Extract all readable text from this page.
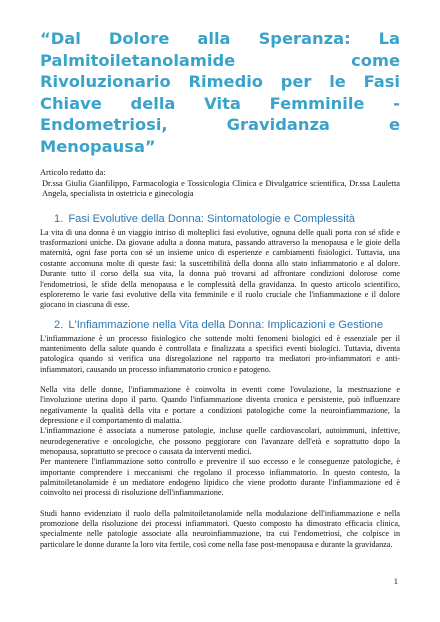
“Dal Dolore alla Speranza: La Palmitoiletanolamide come Rivoluzionario Rimedio per le Fasi Chiave della Vita Femminile - Endometriosi, Gravidanza e Menopausa”
Articolo redatto da:
Dr.ssa Giulia Gianfilippo, Farmacologia e Tossicologia Clinica e Divulgatrice scientifica, Dr.ssa Lauletta Angela, specialista in ostetricia e ginecologia
1. Fasi Evolutive della Donna: Sintomatologie e Complessità

La vita di una donna è un viaggio intriso di molteplici fasi evolutive, ognuna delle quali porta con sé sfide e trasformazioni uniche. Da giovane adulta a donna matura, passando attraverso la menopausa e le gioie della maternità, ogni fase porta con sé un insieme unico di esperienze e cambiamenti fisiologici. Tuttavia, una costante accomuna molte di queste fasi: la suscettibilità della donna allo stato infiammatorio e al dolore. Durante tutto il corso della sua vita, la donna può trovarsi ad affrontare condizioni dolorose come l'endometriosi, le sfide della menopausa e le complessità della gravidanza. In questo articolo scientifico, esploreremo le varie fasi evolutive della vita femminile e il ruolo cruciale che l'infiammazione e il dolore giocano in ciascuna di esse.

2. L'Infiammazione nella Vita della Donna: Implicazioni e Gestione

L'infiammazione è un processo fisiologico che sottende molti fenomeni biologici ed è essenziale per il mantenimento della salute quando è controllata e finalizzata a specifici eventi biologici. Tuttavia, diventa patologica quando si verifica una disregolazione nel rapporto tra mediatori pro-infiammatori e anti-infiammatori, causando un processo infiammatorio cronico e patogeno.

Nella vita delle donne, l'infiammazione è coinvolta in eventi come l'ovulazione, la mestruazione e l'involuzione uterina dopo il parto. Quando l'infiammazione diventa cronica e persistente, può influenzare negativamente la qualità della vita e portare a condizioni patologiche come la neuroinfiammazione, la depressione e il comportamento di malattia.

L'infiammazione è associata a numerose patologie, incluse quelle cardiovascolari, autoimmuni, infettive, neurodegenerative e oncologiche, che possono peggiorare con l'avanzare dell'età e soprattutto dopo la menopausa, soprattutto se precoce o causata da interventi medici.

Per mantenere l'infiammazione sotto controllo e prevenire il suo eccesso e le conseguenze patologiche, è importante comprendere i meccanismi che regolano il processo infiammatorio. In questo contesto, la palmitoiletanolamide è un mediatore endogeno lipidico che viene prodotto durante l'infiammazione ed è coinvolto nei processi di risoluzione dell'infiammazione.

Studi hanno evidenziato il ruolo della palmitoiletanolamide nella modulazione dell'infiammazione e nella promozione della risoluzione dei processi infiammatori. Questo composto ha dimostrato efficacia clinica, specialmente nelle patologie associate alla neuroinfiammazione, tra cui l'endometriosi, che colpisce in particolare le donne durante la loro vita fertile, così come nella fase post-menopausa e durante la gravidanza.

1
